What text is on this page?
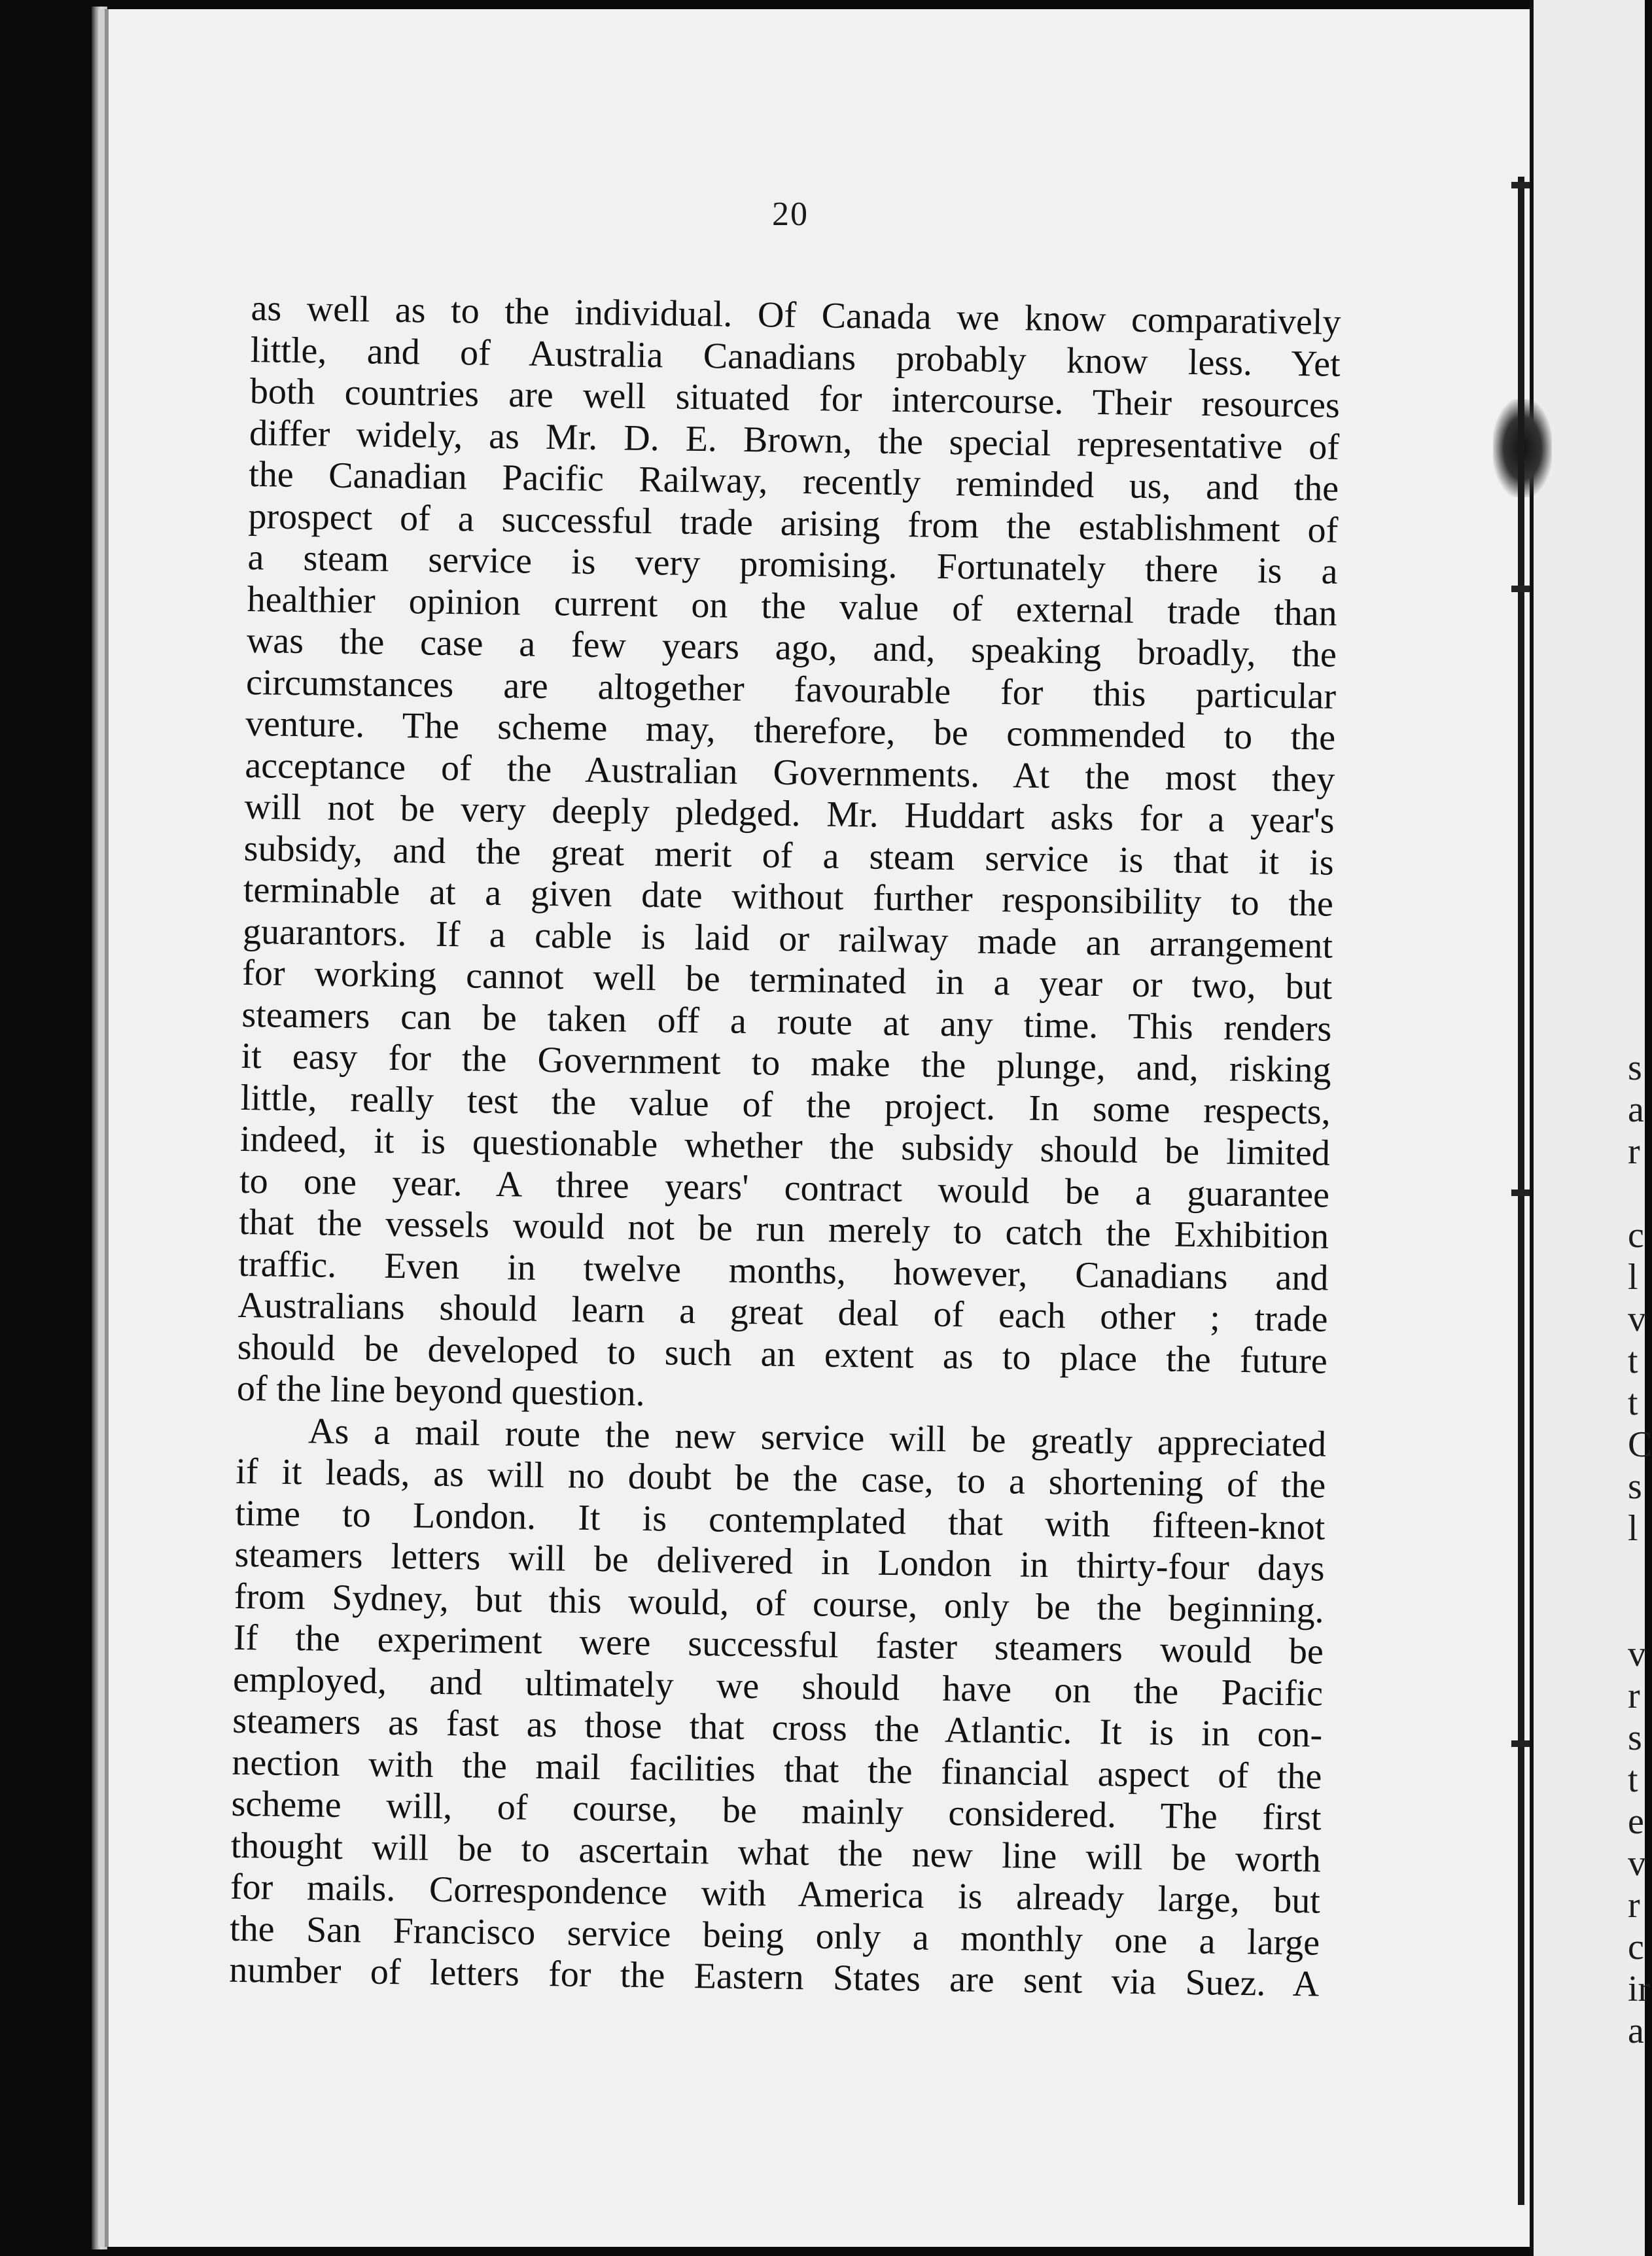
s
a
r

c
l
v
t
t
C
s
l

v
r
s
t
e
v
r
c
ir
a
20
as well as to the individual. Of Canada we know comparatively
little, and of Australia Canadians probably know less. Yet
both countries are well situated for intercourse. Their resources
differ widely, as Mr. D. E. Brown, the special representative of
the Canadian Pacific Railway, recently reminded us, and the
prospect of a successful trade arising from the establishment of
a steam service is very promising. Fortunately there is a
healthier opinion current on the value of external trade than
was the case a few years ago, and, speaking broadly, the
circumstances are altogether favourable for this particular
venture. The scheme may, therefore, be commended to the
acceptance of the Australian Governments. At the most they
will not be very deeply pledged. Mr. Huddart asks for a year's
subsidy, and the great merit of a steam service is that it is
terminable at a given date without further responsibility to the
guarantors. If a cable is laid or railway made an arrangement
for working cannot well be terminated in a year or two, but
steamers can be taken off a route at any time. This renders
it easy for the Government to make the plunge, and, risking
little, really test the value of the project. In some respects,
indeed, it is questionable whether the subsidy should be limited
to one year. A three years' contract would be a guarantee
that the vessels would not be run merely to catch the Exhibition
traffic. Even in twelve months, however, Canadians and
Australians should learn a great deal of each other ; trade
should be developed to such an extent as to place the future
of the line beyond question.
As a mail route the new service will be greatly appreciated
if it leads, as will no doubt be the case, to a shortening of the
time to London. It is contemplated that with fifteen-knot
steamers letters will be delivered in London in thirty-four days
from Sydney, but this would, of course, only be the beginning.
If the experiment were successful faster steamers would be
employed, and ultimately we should have on the Pacific
steamers as fast as those that cross the Atlantic. It is in con-
nection with the mail facilities that the financial aspect of the
scheme will, of course, be mainly considered. The first
thought will be to ascertain what the new line will be worth
for mails. Correspondence with America is already large, but
the San Francisco service being only a monthly one a large
number of letters for the Eastern States are sent via Suez. A
